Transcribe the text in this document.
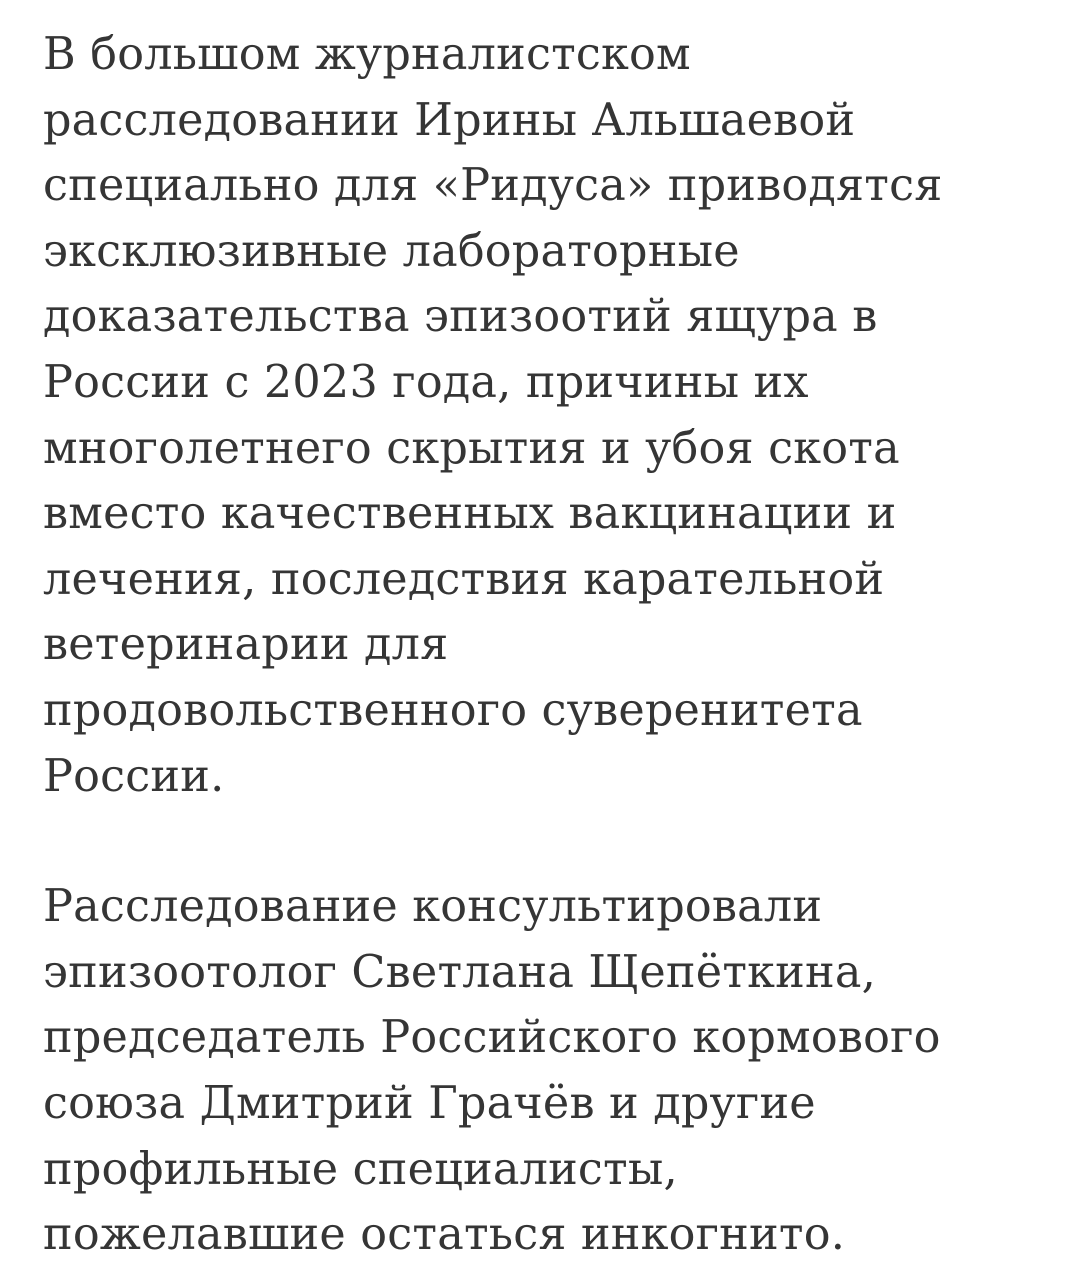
В большом журналистском
расследовании Ирины Альшаевой
специально для «Ридуса» приводятся
эксклюзивные лабораторные
доказательства эпизоотий ящура в
России с 2023 года, причины их
многолетнего скрытия и убоя скота
вместо качественных вакцинации и
лечения, последствия карательной
ветеринарии для
продовольственного суверенитета
России.

Расследование консультировали
эпизоотолог Светлана Щепёткина,
председатель Российского кормового
союза Дмитрий Грачёв и другие
профильные специалисты,
пожелавшие остаться инкогнито.
